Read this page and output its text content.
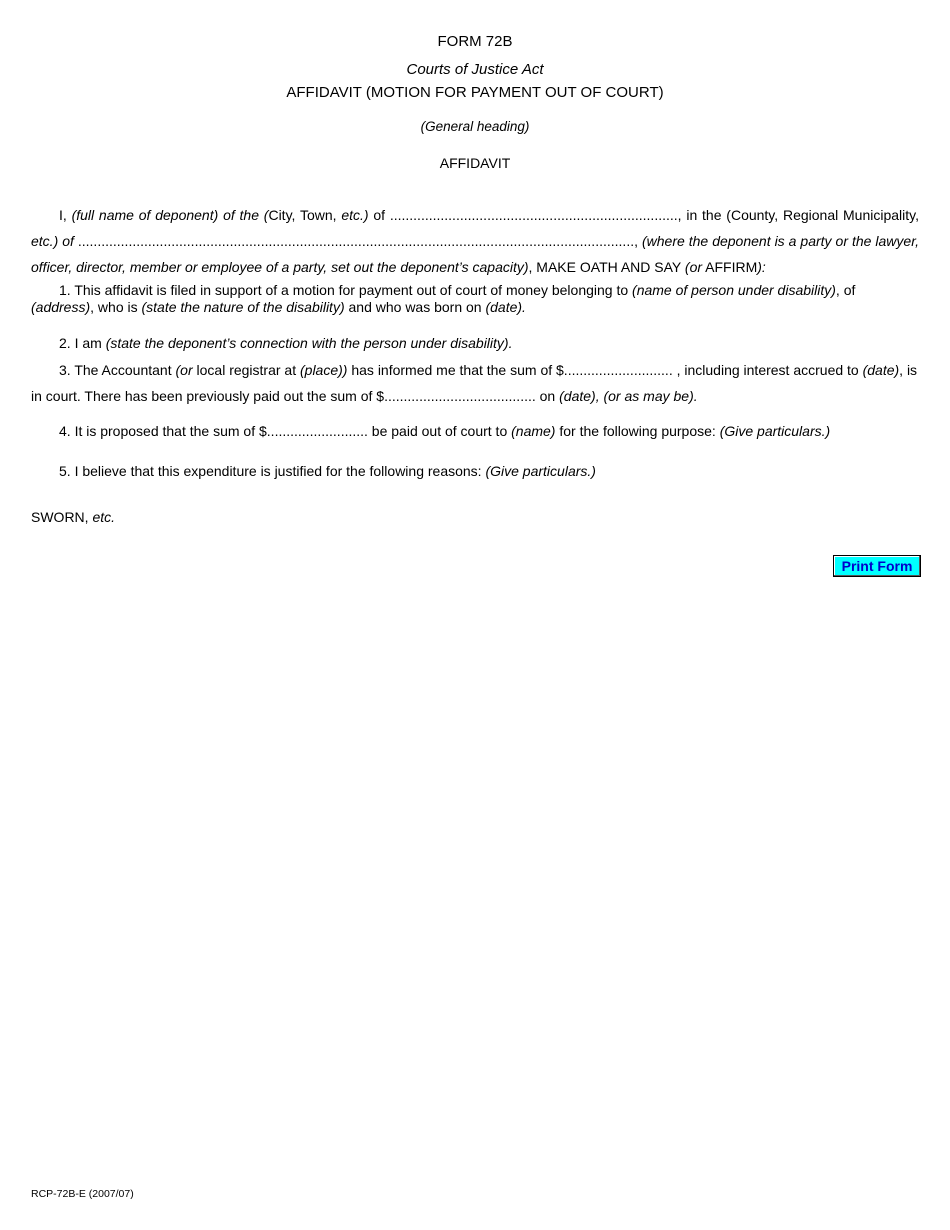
FORM 72B
Courts of Justice Act
AFFIDAVIT (MOTION FOR PAYMENT OUT OF COURT)
(General heading)
AFFIDAVIT
I, (full name of deponent) of the (City, Town, etc.) of .........................................................................., in the (County, Regional Municipality, etc.) of ..............................................................................................................................................., (where the deponent is a party or the lawyer, officer, director, member or employee of a party, set out the deponent’s capacity), MAKE OATH AND SAY (or AFFIRM):
1. This affidavit is filed in support of a motion for payment out of court of money belonging to (name of person under disability), of (address), who is (state the nature of the disability) and who was born on (date).
2. I am (state the deponent’s connection with the person under disability).
3. The Accountant (or local registrar at (place)) has informed me that the sum of $............................ , including interest accrued to (date), is in court. There has been previously paid out the sum of $....................................... on (date), (or as may be).
4. It is proposed that the sum of $.......................... be paid out of court to (name) for the following purpose: (Give particulars.)
5. I believe that this expenditure is justified for the following reasons: (Give particulars.)
SWORN, etc.
Print Form
RCP-72B-E (2007/07)
